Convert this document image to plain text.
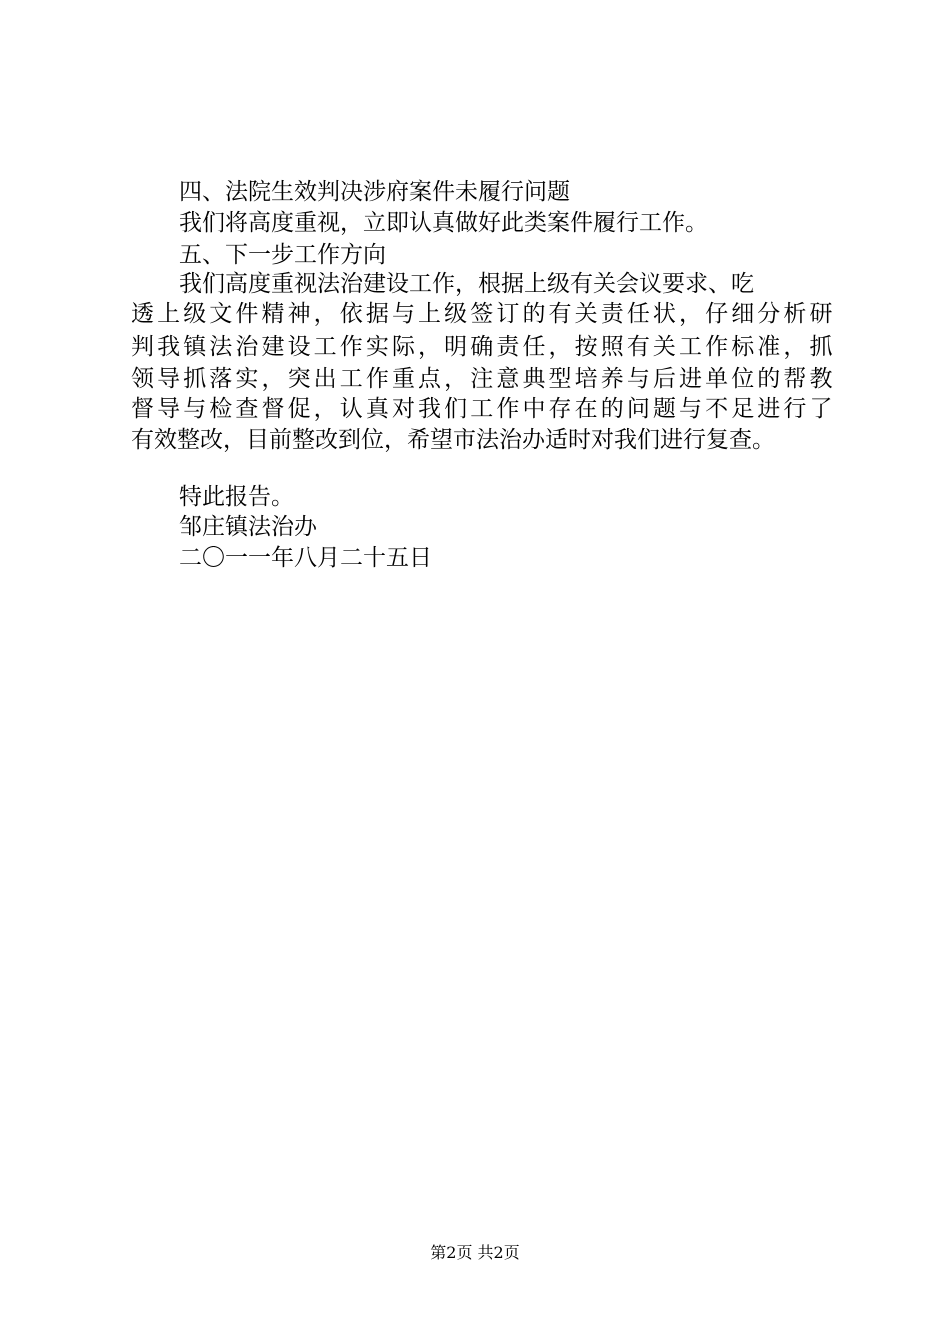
四、法院生效判决涉府案件未履行问题
我们将高度重视，立即认真做好此类案件履行工作。
五、下一步工作方向
我们高度重视法治建设工作，根据上级有关会议要求、吃
透上级文件精神，依据与上级签订的有关责任状，仔细分析研
判我镇法治建设工作实际，明确责任，按照有关工作标准，抓
领导抓落实，突出工作重点，注意典型培养与后进单位的帮教
督导与检查督促，认真对我们工作中存在的问题与不足进行了
有效整改，目前整改到位，希望市法治办适时对我们进行复查。
特此报告。
邹庄镇法治办
二〇一一年八月二十五日
第2页 共2页
